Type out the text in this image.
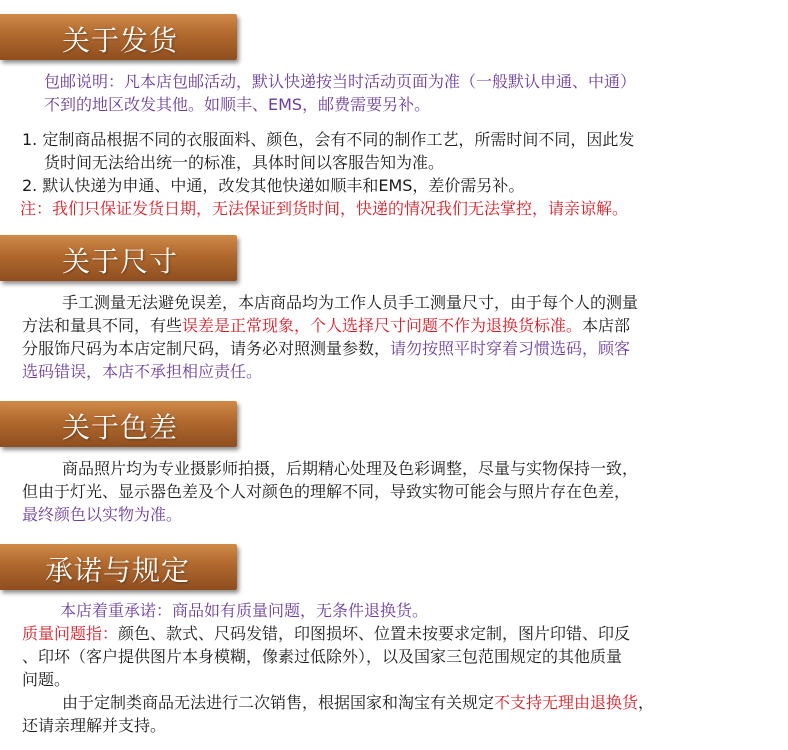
关于发货
包邮说明：凡本店包邮活动，默认快递按当时活动页面为准（一般默认申通、中通）
不到的地区改发其他。如顺丰、EMS，邮费需要另补。
1. 定制商品根据不同的衣服面料、颜色，会有不同的制作工艺，所需时间不同，因此发
货时间无法给出统一的标准，具体时间以客服告知为准。
2. 默认快递为申通、中通，改发其他快递如顺丰和EMS，差价需另补。
注：我们只保证发货日期，无法保证到货时间，快递的情况我们无法掌控，请亲谅解。
关于尺寸
手工测量无法避免误差，本店商品均为工作人员手工测量尺寸，由于每个人的测量
方法和量具不同，有些误差是正常现象，个人选择尺寸问题不作为退换货标准。本店部
分服饰尺码为本店定制尺码，请务必对照测量参数，请勿按照平时穿着习惯选码，顾客
选码错误，本店不承担相应责任。
关于色差
商品照片均为专业摄影师拍摄，后期精心处理及色彩调整，尽量与实物保持一致，
但由于灯光、显示器色差及个人对颜色的理解不同，导致实物可能会与照片存在色差，
最终颜色以实物为准。
承诺与规定
本店着重承诺：商品如有质量问题，无条件退换货。
质量问题指：颜色、款式、尺码发错，印图损坏、位置未按要求定制，图片印错、印反
、印坏（客户提供图片本身模糊，像素过低除外），以及国家三包范围规定的其他质量
问题。
由于定制类商品无法进行二次销售，根据国家和淘宝有关规定不支持无理由退换货，
还请亲理解并支持。
